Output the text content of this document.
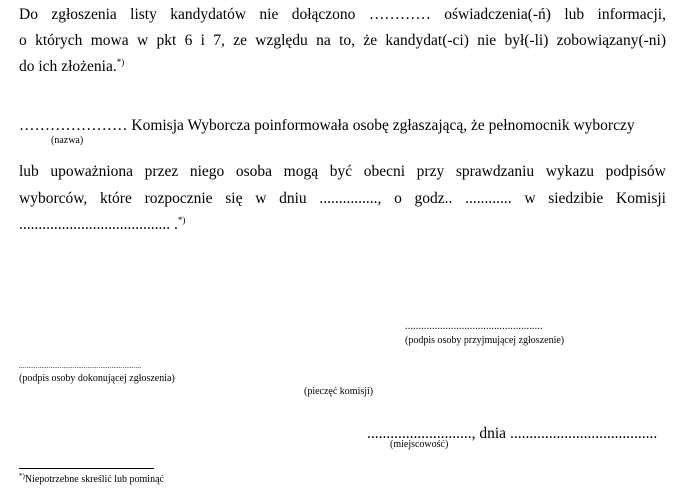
Do zgłoszenia listy kandydatów nie dołączono ………… oświadczenia(-ń) lub informacji,
o których mowa w pkt 6 i 7, ze względu na to, że kandydat(-ci) nie był(-li) zobowiązany(-ni)
do ich złożenia.*)
………………… Komisja Wyborcza poinformowała osobę zgłaszającą, że pełnomocnik wyborczy
(nazwa)
lub upoważniona przez niego osoba mogą być obecni przy sprawdzaniu wykazu podpisów
wyborców, które rozpocznie się w dniu ..............., o godz.. ............ w siedzibie Komisji
....................................... .*)
...................................................
(podpis osoby przyjmującej zgłoszenie)
..................................................................
(podpis osoby dokonującej zgłoszenia)
(pieczęć komisji)
..........................., dnia ......................................
(miejscowość)
*)Niepotrzebne skreślić lub pominąć
